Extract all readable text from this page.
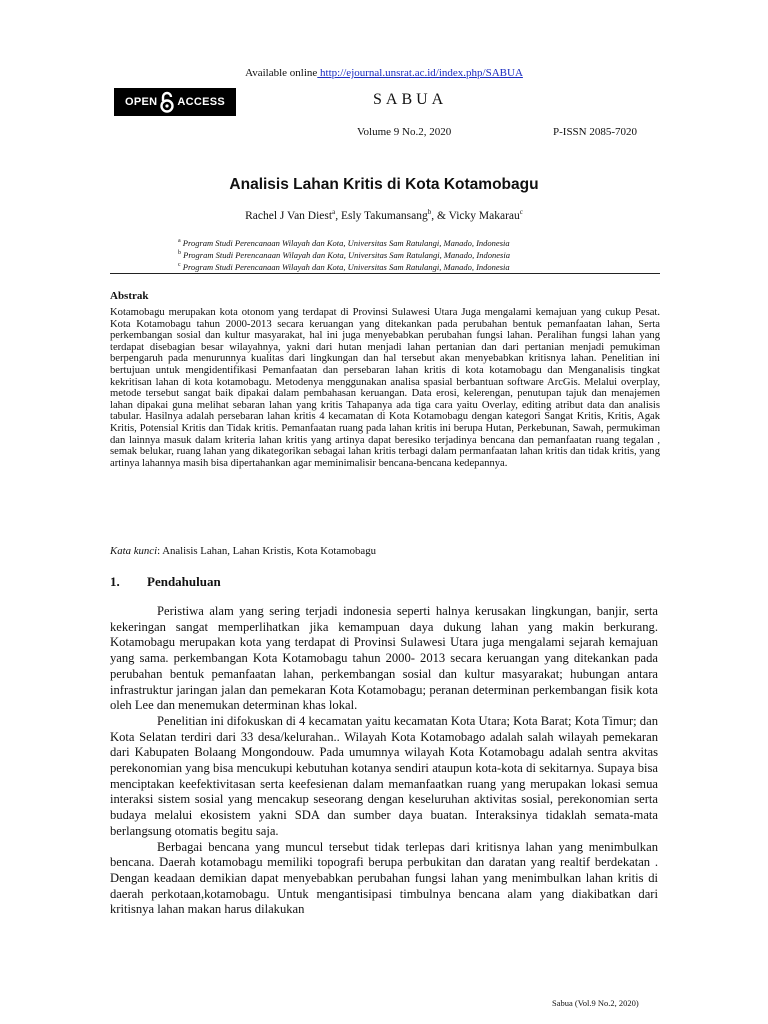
Available online http://ejournal.unsrat.ac.id/index.php/SABUA
OPEN ACCESS	SABUA
Volume 9 No.2, 2020	P-ISSN 2085-7020
Analisis Lahan Kritis di Kota Kotamobagu
Rachel J Van Diest$^a$, Esly Takumansang$^b$, & Vicky Makarau$^c$
$^a$ Program Studi Perencanaan Wilayah dan Kota, Universitas Sam Ratulangi, Manado, Indonesia
$^b$ Program Studi Perencanaan Wilayah dan Kota, Universitas Sam Ratulangi, Manado, Indonesia
$^c$ Program Studi Perencanaan Wilayah dan Kota, Universitas Sam Ratulangi, Manado, Indonesia
Abstrak
Kotamobagu merupakan kota otonom yang terdapat di Provinsi Sulawesi Utara Juga mengalami kemajuan yang cukup Pesat. Kota Kotamobagu tahun 2000-2013 secara keruangan yang ditekankan pada perubahan bentuk pemanfaatan lahan, Serta perkembangan sosial dan kultur masyarakat, hal ini juga menyebabkan perubahan fungsi lahan. Peralihan fungsi lahan yang terdapat disebagian besar wilayahnya, yakni dari hutan menjadi lahan pertanian dan dari pertanian menjadi pemukiman berpengaruh pada menurunnya kualitas dari lingkungan dan hal tersebut akan menyebabkan kritisnya lahan. Penelitian ini bertujuan untuk mengidentifikasi Pemanfaatan dan persebaran lahan kritis di kota kotamobagu dan Menganalisis tingkat kekritisan lahan di kota kotamobagu. Metodenya menggunakan analisa spasial berbantuan software ArcGis. Melalui overplay, metode tersebut sangat baik dipakai dalam pembahasan keruangan. Data erosi, kelerengan, penutupan tajuk dan menajemen lahan dipakai guna melihat sebaran lahan yang kritis Tahapanya ada tiga cara yaitu Overlay, editing atribut data dan analisis tabular. Hasilnya adalah persebaran lahan kritis 4 kecamatan di Kota Kotamobagu dengan kategori Sangat Kritis, Kritis, Agak Kritis, Potensial Kritis dan Tidak kritis. Pemanfaatan ruang pada lahan kritis ini berupa Hutan, Perkebunan, Sawah, permukiman dan lainnya masuk dalam kriteria lahan kritis yang artinya dapat beresiko terjadinya bencana dan pemanfaatan ruang tegalan , semak belukar, ruang lahan yang dikategorikan sebagai lahan kritis terbagi dalam permanfaatan lahan kritis dan tidak kritis, yang artinya lahannya masih bisa dipertahankan agar meminimalisir bencana-bencana kedepannya.
Kata kunci: Analisis Lahan, Lahan Kristis, Kota Kotamobagu
1. Pendahuluan

Peristiwa alam yang sering terjadi indonesia seperti halnya kerusakan lingkungan, banjir, serta kekeringan sangat memperlihatkan jika kemampuan daya dukung lahan yang makin berkurang. Kotamobagu merupakan kota yang terdapat di Provinsi Sulawesi Utara juga mengalami sejarah kemajuan yang sama. perkembangan Kota Kotamobagu tahun 2000- 2013 secara keruangan yang ditekankan pada perubahan bentuk pemanfaatan lahan, perkembangan sosial dan kultur masyarakat; hubungan antara infrastruktur jaringan jalan dan pemekaran Kota Kotamobagu; peranan determinan perkembangan fisik kota oleh Lee dan menemukan determinan khas lokal.

Penelitian ini difokuskan di 4 kecamatan yaitu kecamatan Kota Utara; Kota Barat; Kota Timur; dan Kota Selatan terdiri dari 33 desa/kelurahan.. Wilayah Kota Kotamobago adalah salah wilayah pemekaran dari Kabupaten Bolaang Mongondouw. Pada umumnya wilayah Kota Kotamobagu adalah sentra akvitas perekonomian yang bisa mencukupi kebutuhan kotanya sendiri ataupun kota-kota di sekitarnya. Supaya bisa menciptakan keefektivitasan serta keefesienan dalam memanfaatkan ruang yang merupakan lokasi semua interaksi sistem sosial yang mencakup seseorang dengan keseluruhan aktivitas sosial, perekonomian serta budaya melalui ekosistem yakni SDA dan sumber daya buatan. Interaksinya tidaklah semata-mata berlangsung otomatis begitu saja.

Berbagai bencana yang muncul tersebut tidak terlepas dari kritisnya lahan yang menimbulkan bencana. Daerah kotamobagu memiliki topografi berupa perbukitan dan daratan yang realtif berdekatan . Dengan keadaan demikian dapat menyebabkan perubahan fungsi lahan yang menimbulkan lahan kritis di daerah perkotaan,kotamobagu. Untuk mengantisipasi timbulnya bencana alam yang diakibatkan dari kritisnya lahan makan harus dilakukan

Sabua (Vol.9 No.2, 2020)
